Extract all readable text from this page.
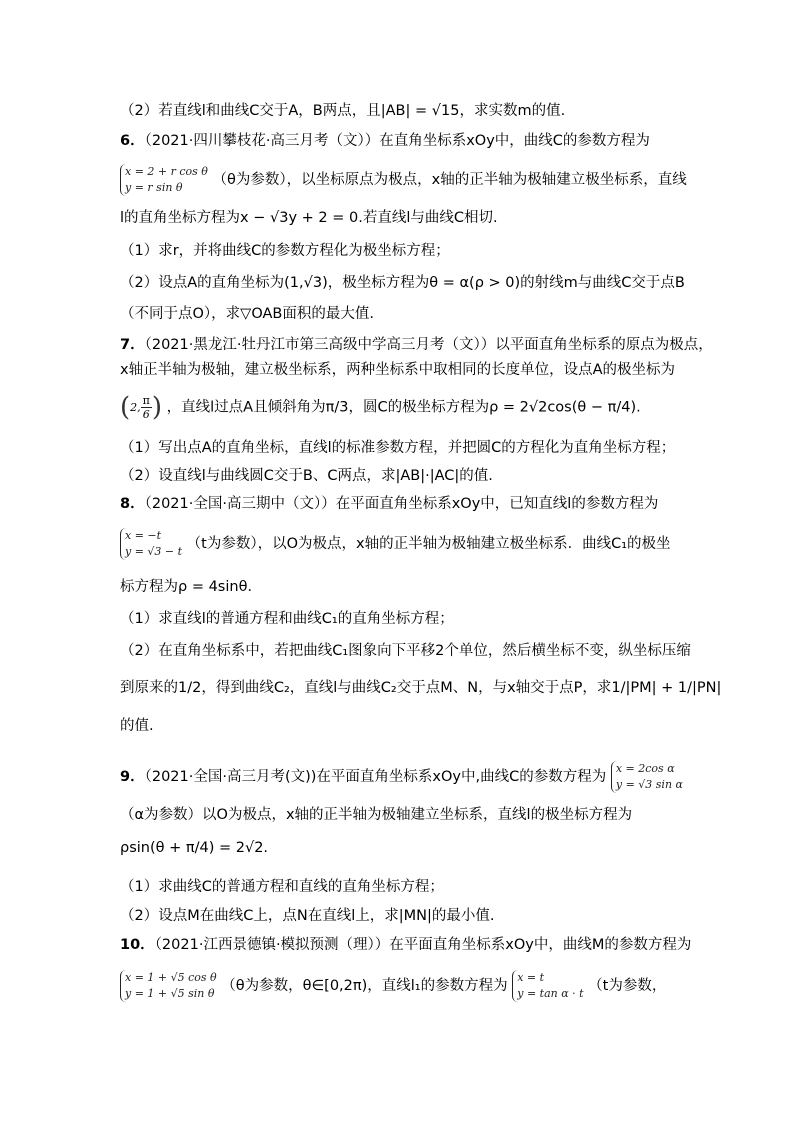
（2）若直线l和曲线C交于A，B两点，且|AB| = √15，求实数m的值.
6．（2021·四川攀枝花·高三月考（文））在直角坐标系xOy中，曲线C的参数方程为
x = 2 + r cos θ
y = r sin θ	（θ为参数），以坐标原点为极点，x轴的正半轴为极轴建立极坐标系，直线
l的直角坐标方程为x − √3y + 2 = 0.若直线l与曲线C相切.
（1）求r，并将曲线C的参数方程化为极坐标方程；
（2）设点A的直角坐标为(1,√3)，极坐标方程为θ = α(ρ > 0)的射线m与曲线C交于点B
（不同于点O），求▽OAB面积的最大值.
7．（2021·黑龙江·牡丹江市第三高级中学高三月考（文））以平面直角坐标系的原点为极点，
x轴正半轴为极轴，建立极坐标系，两种坐标系中取相同的长度单位，设点A的极坐标为
(2, $\frac{\pi}{6}$ ) ，直线l过点A且倾斜角为π/3，圆C的极坐标方程为ρ = 2√2cos(θ − π/4).
（1）写出点A的直角坐标，直线l的标准参数方程，并把圆C的方程化为直角坐标方程；
（2）设直线l与曲线圆C交于B、C两点，求|AB|·|AC|的值.
8．（2021·全国·高三期中（文））在平面直角坐标系xOy中，已知直线l的参数方程为
x = −t
y = √3 − t （t为参数），以O为极点，x轴的正半轴为极轴建立极坐标系．曲线C₁的极坐
标方程为ρ = 4sinθ．
（1）求直线l的普通方程和曲线C₁的直角坐标方程；
（2）在直角坐标系中，若把曲线C₁图象向下平移2个单位，然后横坐标不变，纵坐标压缩
到原来的1/2，得到曲线C₂，直线l与曲线C₂交于点M、N，与x轴交于点P，求1/|PM| + 1/|PN|
的值.
9．（2021·全国·高三月考(文))在平面直角坐标系xOy中,曲线C的参数方程为
x = 2cos α
y = √3 sin α
（α为参数）以O为极点，x轴的正半轴为极轴建立坐标系，直线l的极坐标方程为
ρsin(θ + π/4) = 2√2.
（1）求曲线C的普通方程和直线的直角坐标方程；
（2）设点M在曲线C上，点N在直线l上，求|MN|的最小值.
10．（2021·江西景德镇·模拟预测（理））在平面直角坐标系xOy中，曲线M的参数方程为
x = 1 + √5 cos θ
y = 1 + √5 sin θ （θ为参数，θ∈[0,2π)，直线l₁的参数方程为
x = t
y = tan α · t （t为参数，
